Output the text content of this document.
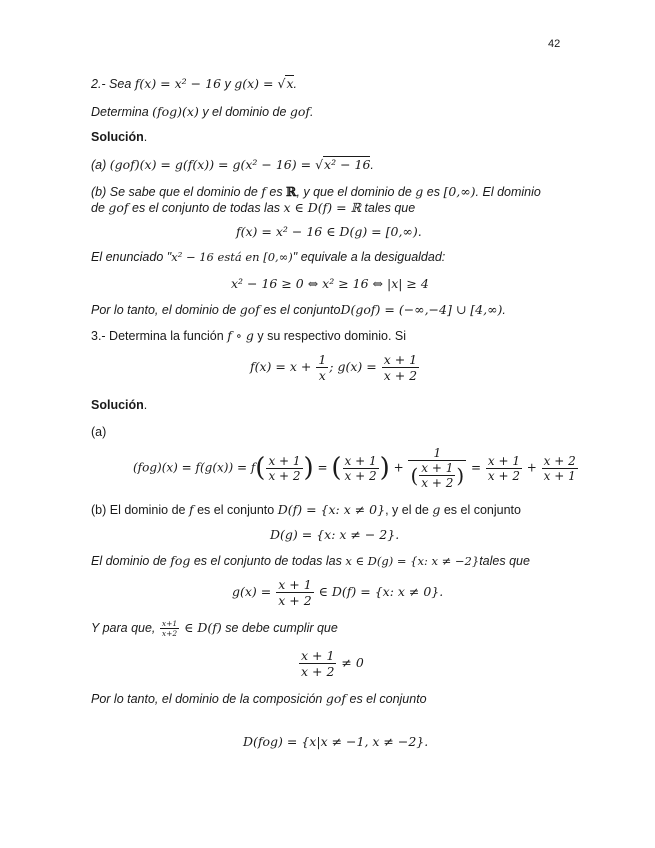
42
2.- Sea f(x) = x² − 16 y g(x) = √x.
Determina (fog)(x) y el dominio de gof.
Solución.
(a) (gof)(x) = g(f(x)) = g(x² − 16) = √x² − 16.
(b) Se sabe que el dominio de f es ℝ, y que el dominio de g es [0,∞). El dominio
de gof es el conjunto de todas las x ∈ D(f) = ℝ tales que
f(x) = x² − 16 ∈ D(g) = [0,∞).
El enunciado "x² − 16 está en [0,∞)" equivale a la desigualdad:
x² − 16 ≥ 0 ⇔ x² ≥ 16 ⇔ |x| ≥ 4
Por lo tanto, el dominio de gof es el conjuntoD(gof) = (−∞,−4] ∪ [4,∞).
3.- Determina la función f ∘ g y su respectivo dominio. Si
$f(x) = x + \frac{1}{x}$ ; $g(x) = \frac{x + 1}{x + 2}$
Solución.
(a)
$(fog)(x) = f(g(x)) = f( \frac{x + 1}{x + 2}$ ) = ( $\frac{x + 1}{x + 2}$ ) + $\frac{1}{( \frac{x + 1}{x + 2} )} = \frac{x + 1}{x + 2} + \frac{x + 2}{x + 1}$
(b) El dominio de f es el conjunto D(f) = {x: x ≠ 0}, y el de g es el conjunto
D(g) = {x: x ≠ − 2}.
El dominio de fog es el conjunto de todas las x ∈ D(g) = {x: x ≠ −2}tales que
$g(x) = \frac{x + 1}{x + 2}$ ∈ D(f) = {x: x ≠ 0}.
Y para que, $\frac{x+1}{x+2}$ ∈ D(f) se debe cumplir que
$\frac{x + 1}{x + 2} \ne 0$
Por lo tanto, el dominio de la composición gof es el conjunto
D(fog) = {x|x ≠ −1, x ≠ −2}.
